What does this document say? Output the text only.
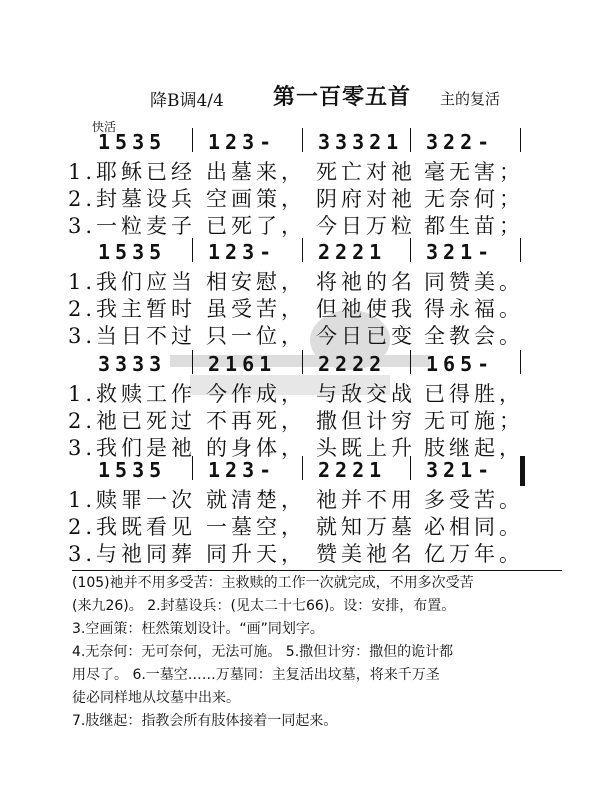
降B调4/4 第一百零五首 主的复活
快活
1535 123- 33321 322-
1.耶稣已经 出墓来， 死亡对祂 毫无害；
2.封墓设兵 空画策， 阴府对祂 无奈何；
3.一粒麦子 已死了， 今日万粒 都生苗；
1535 123- 2221 321-
1.我们应当 相安慰， 将祂的名 同赞美。
2.我主暂时 虽受苦， 但祂使我 得永福。
3.当日不过 只一位， 今日已变 全教会。
3333 2161 2222 165-
1.救赎工作 今作成， 与敌交战 已得胜，
2.祂已死过 不再死， 撒但计穷 无可施；
3.我们是祂 的身体， 头既上升 肢继起，
1535 123- 2221 321-
1.赎罪一次 就清楚， 祂并不用 多受苦。
2.我既看见 一墓空， 就知万墓 必相同。
3.与祂同葬 同升天， 赞美祂名 亿万年。

(105)祂并不用多受苦：主救赎的工作一次就完成，不用多次受苦

(来九26)。 2.封墓设兵：(见太二十七66)。设：安排，布置。

3.空画策：枉然策划设计。“画”同划字。

4.无奈何：无可奈何，无法可施。 5.撒但计穷：撒但的诡计都

用尽了。 6.一墓空……万墓同：主复活出坟墓，将来千万圣

徒必同样地从坟墓中出来。

7.肢继起：指教会所有肢体接着一同起来。
